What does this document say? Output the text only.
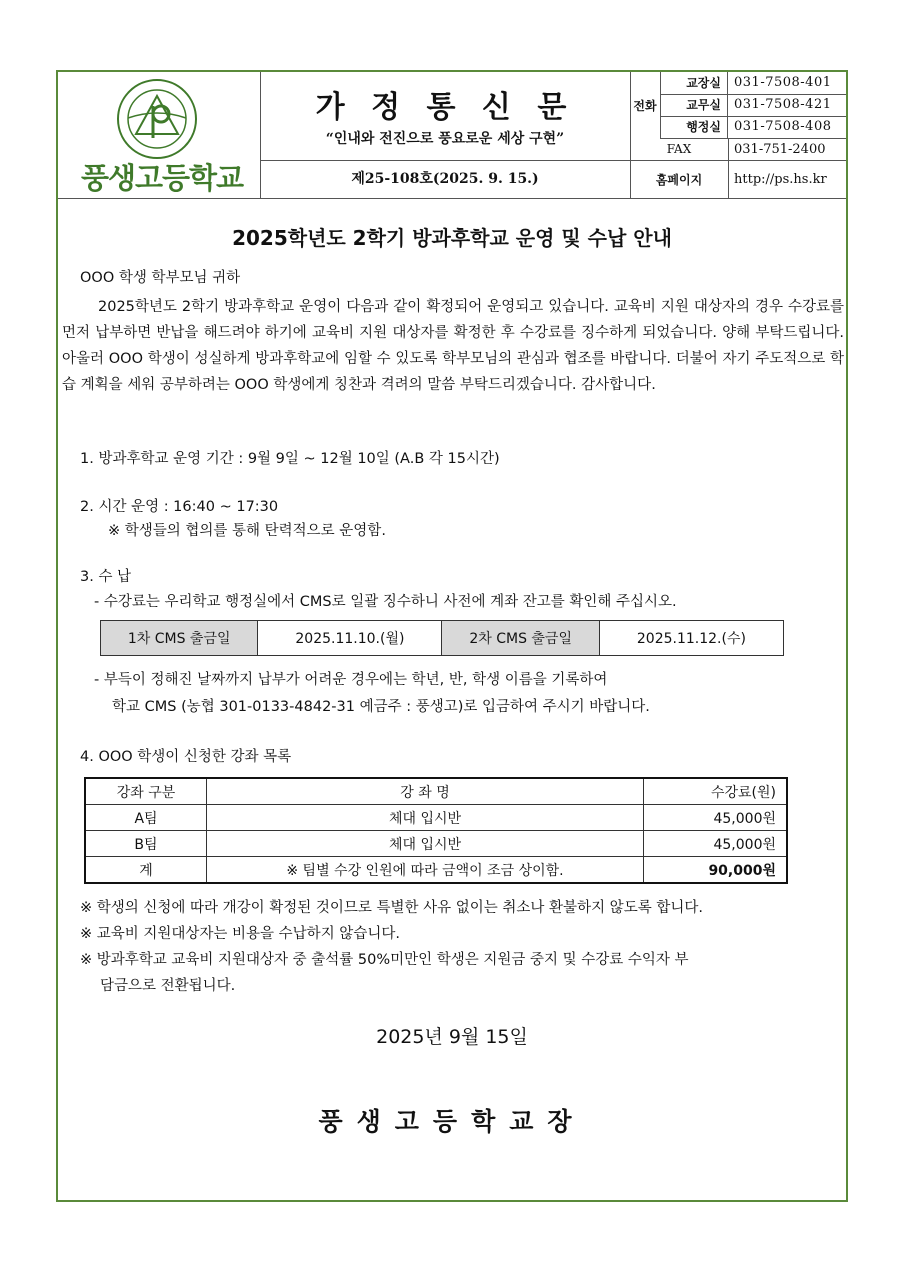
풍생고등학교
가 정 통 신 문
“인내와 전진으로 풍요로운 세상 구현”
제25-108호(2025. 9. 15.)
전화
교장실	031-7508-401
교무실	031-7508-421
행정실	031-7508-408
FAX	031-751-2400
홈페이지	http://ps.hs.kr
2025학년도 2학기 방과후학교 운영 및 수납 안내
OOO 학생 학부모님 귀하
2025학년도 2학기 방과후학교 운영이 다음과 같이 확정되어 운영되고 있습니다. 교육비 지원 대상자의 경우 수강료를 먼저 납부하면 반납을 해드려야 하기에 교육비 지원 대상자를 확정한 후 수강료를 징수하게 되었습니다. 양해 부탁드립니다. 아울러 OOO 학생이 성실하게 방과후학교에 임할 수 있도록 학부모님의 관심과 협조를 바랍니다. 더불어 자기 주도적으로 학습 계획을 세워 공부하려는 OOO 학생에게 칭찬과 격려의 말씀 부탁드리겠습니다. 감사합니다.
1. 방과후학교 운영 기간 : 9월 9일 ~ 12월 10일 (A.B 각 15시간)
2. 시간 운영 : 16:40 ~ 17:30
※ 학생들의 협의를 통해 탄력적으로 운영함.
3. 수 납
- 수강료는 우리학교 행정실에서 CMS로 일괄 징수하니 사전에 계좌 잔고를 확인해 주십시오.
1차 CMS 출금일	2025.11.10.(월)	2차 CMS 출금일	2025.11.12.(수)
- 부득이 정해진 날짜까지 납부가 어려운 경우에는 학년, 반, 학생 이름을 기록하여
학교 CMS (농협 301-0133-4842-31 예금주 : 풍생고)로 입금하여 주시기 바랍니다.
4. OOO 학생이 신청한 강좌 목록
강좌 구분	강 좌 명	수강료(원)
A팀	체대 입시반	45,000원
B팀	체대 입시반	45,000원
계	※ 팀별 수강 인원에 따라 금액이 조금 상이함.	90,000원
※ 학생의 신청에 따라 개강이 확정된 것이므로 특별한 사유 없이는 취소나 환불하지 않도록 합니다.
※ 교육비 지원대상자는 비용을 수납하지 않습니다.
※ 방과후학교 교육비 지원대상자 중 출석률 50%미만인 학생은 지원금 중지 및 수강료 수익자 부
담금으로 전환됩니다.
2025년 9월 15일
풍생고등학교장
